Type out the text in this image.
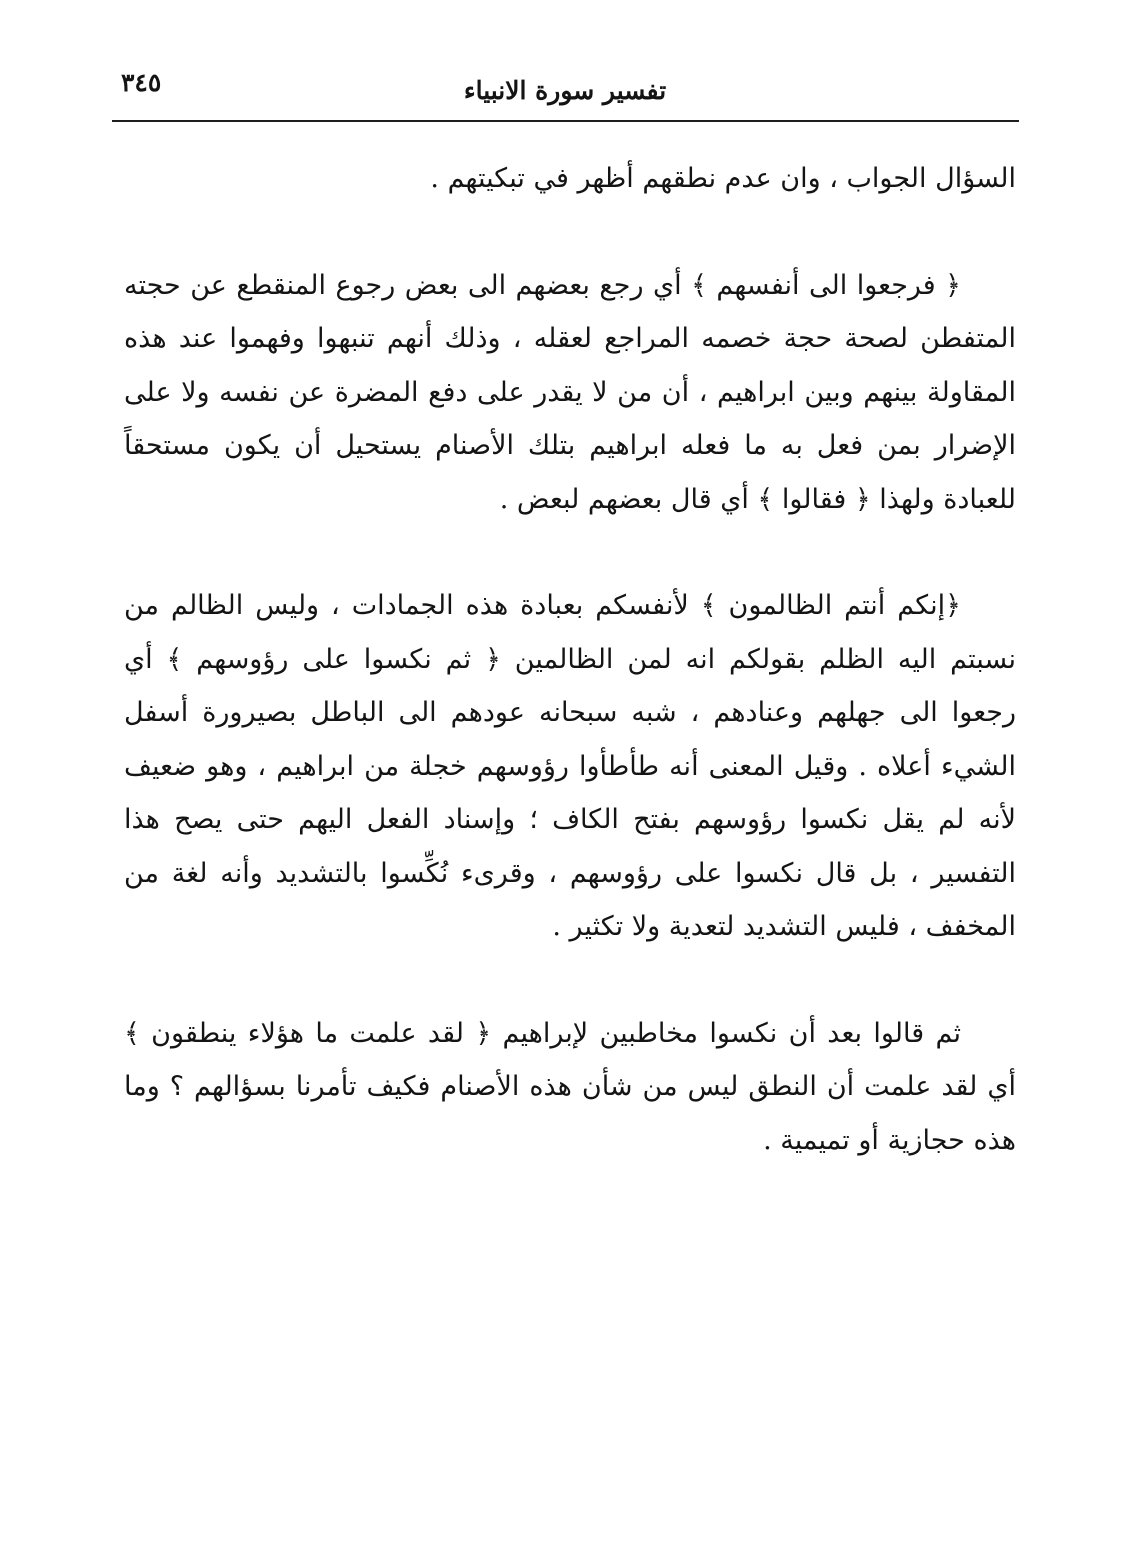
تفسير سورة الانبياء
٣٤٥

السؤال الجواب ، وان عدم نطقهم أظهر في تبكيتهم .

﴿ فرجعوا الى أنفسهم ﴾ أي رجع بعضهم الى بعض رجوع المنقطع عن حجته المتفطن لصحة حجة خصمه المراجع لعقله ، وذلك أنهم تنبهوا وفهموا عند هذه المقاولة بينهم وبين ابراهيم ، أن من لا يقدر على دفع المضرة عن نفسه ولا على الإضرار بمن فعل به ما فعله ابراهيم بتلك الأصنام يستحيل أن يكون مستحقاً للعبادة ولهذا ﴿ فقالوا ﴾ أي قال بعضهم لبعض .

﴿إنكم أنتم الظالمون ﴾ لأنفسكم بعبادة هذه الجمادات ، وليس الظالم من نسبتم اليه الظلم بقولكم انه لمن الظالمين ﴿ ثم نكسوا على رؤوسهم ﴾ أي رجعوا الى جهلهم وعنادهم ، شبه سبحانه عودهم الى الباطل بصيرورة أسفل الشيء أعلاه . وقيل المعنى أنه طأطأوا رؤوسهم خجلة من ابراهيم ، وهو ضعيف لأنه لم يقل نكسوا رؤوسهم بفتح الكاف ؛ وإسناد الفعل اليهم حتى يصح هذا التفسير ، بل قال نكسوا على رؤوسهم ، وقرىء نُكِّسوا بالتشديد وأنه لغة من المخفف ، فليس التشديد لتعدية ولا تكثير .

ثم قالوا بعد أن نكسوا مخاطبين لإبراهيم ﴿ لقد علمت ما هؤلاء ينطقون ﴾ أي لقد علمت أن النطق ليس من شأن هذه الأصنام فكيف تأمرنا بسؤالهم ؟ وما هذه حجازية أو تميمية .
